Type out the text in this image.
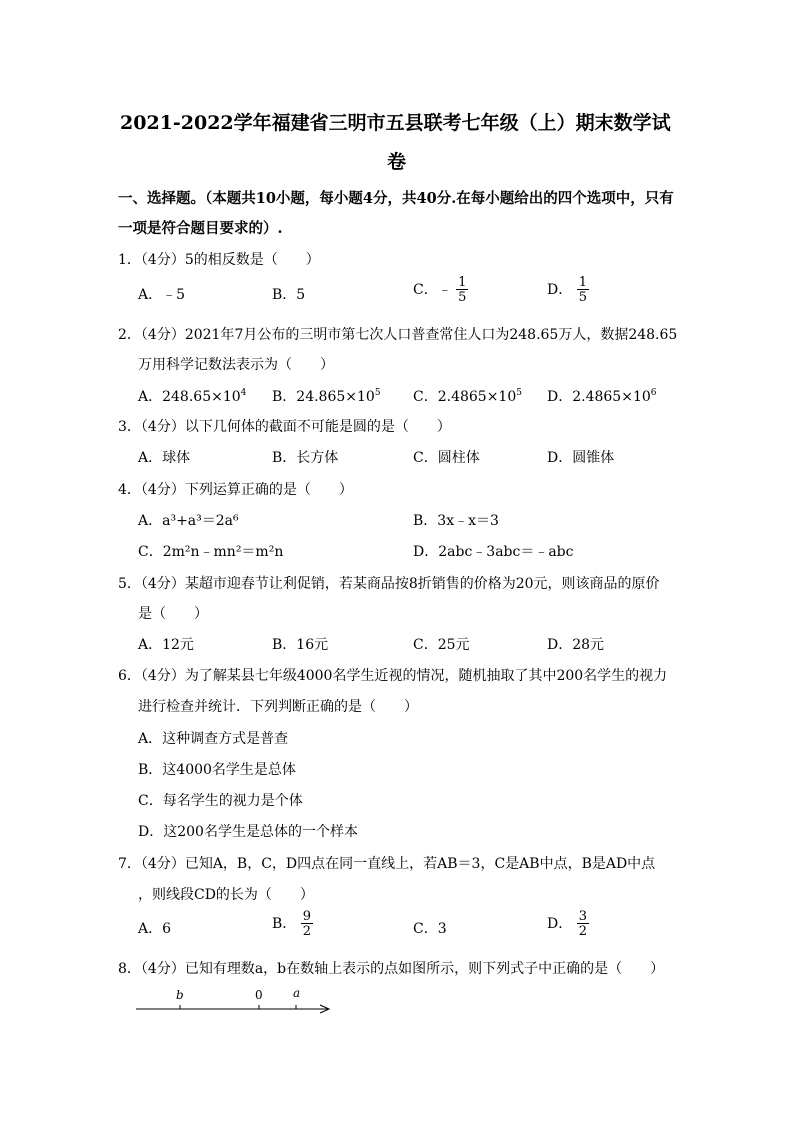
2021-2022学年福建省三明市五县联考七年级（上）期末数学试
卷
一、选择题。（本题共10小题，每小题4分，共40分.在每小题给出的四个选项中，只有
一项是符合题目要求的）.
1．（4分）5的相反数是（　　）
A．﹣5	B．5	C．﹣ $\frac{1}{5}$	D． $\frac{1}{5}$
2．（4分）2021年7月公布的三明市第七次人口普查常住人口为248.65万人，数据248.65
万用科学记数法表示为（　　）
A．$248.65\times 10^4$ B．$24.865\times 10^5$ C．$2.4865\times 10^5$ D．$2.4865\times 10^6$
3．（4分）以下几何体的截面不可能是圆的是（　　）
A．球体	B．长方体	C．圆柱体	D．圆锥体
4．（4分）下列运算正确的是（　　）
A．a³+a³＝2a⁶	B．3x﹣x＝3
C．2m²n﹣mn²＝m²n	D．2abc﹣3abc＝﹣abc
5．（4分）某超市迎春节让利促销，若某商品按8折销售的价格为20元，则该商品的原价
是（　　）
A．12元	B．16元	C．25元	D．28元
6．（4分）为了解某县七年级4000名学生近视的情况，随机抽取了其中200名学生的视力
进行检查并统计．下列判断正确的是（　　）
A．这种调查方式是普查
B．这4000名学生是总体
C．每名学生的视力是个体
D．这200名学生是总体的一个样本
7．（4分）已知A，B，C，D四点在同一直线上，若AB＝3，C是AB中点，B是AD中点
，则线段CD的长为（　　）
A．6	B． $\frac{9}{2}$	C．3	D． $\frac{3}{2}$
8．（4分）已知有理数a，b在数轴上表示的点如图所示，则下列式子中正确的是（　　）
b	0	a
